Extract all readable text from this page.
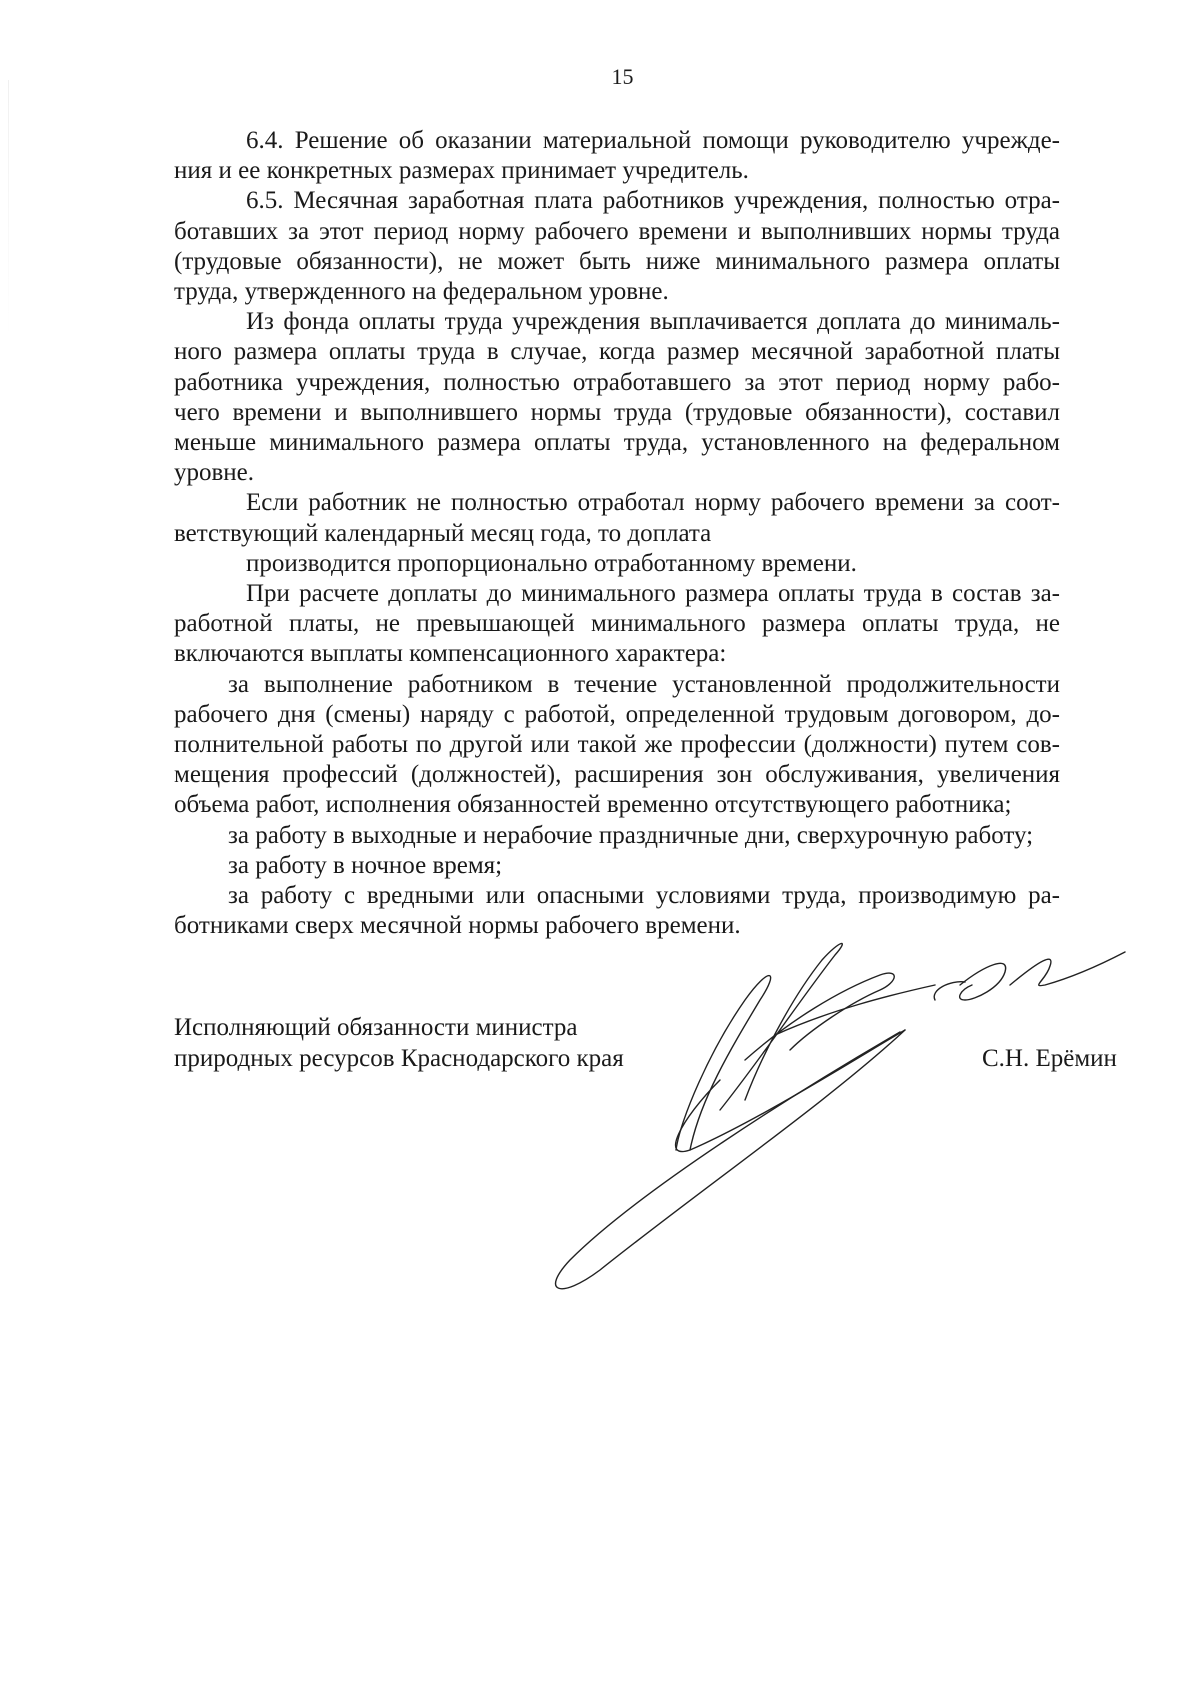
15
6.4. Решение об оказании материальной помощи руководителю учрежде-
ния и ее конкретных размерах принимает учредитель.
6.5. Месячная заработная плата работников учреждения, полностью отра-
ботавших за этот период норму рабочего времени и выполнивших нормы труда
(трудовые обязанности), не может быть ниже минимального размера оплаты
труда, утвержденного на федеральном уровне.
Из фонда оплаты труда учреждения выплачивается доплата до минималь-
ного размера оплаты труда в случае, когда размер месячной заработной платы
работника учреждения, полностью отработавшего за этот период норму рабо-
чего времени и выполнившего нормы труда (трудовые обязанности), составил
меньше минимального размера оплаты труда, установленного на федеральном
уровне.
Если работник не полностью отработал норму рабочего времени за соот-
ветствующий календарный месяц года, то доплата
производится пропорционально отработанному времени.
При расчете доплаты до минимального размера оплаты труда в состав за-
работной платы, не превышающей минимального размера оплаты труда, не
включаются выплаты компенсационного характера:
за выполнение работником в течение установленной продолжительности
рабочего дня (смены) наряду с работой, определенной трудовым договором, до-
полнительной работы по другой или такой же профессии (должности) путем сов-
мещения профессий (должностей), расширения зон обслуживания, увеличения
объема работ, исполнения обязанностей временно отсутствующего работника;
за работу в выходные и нерабочие праздничные дни, сверхурочную работу;
за работу в ночное время;
за работу с вредными или опасными условиями труда, производимую ра-
ботниками сверх месячной нормы рабочего времени.
Исполняющий обязанности министра
природных ресурсов Краснодарского края	С.Н. Ерёмин
